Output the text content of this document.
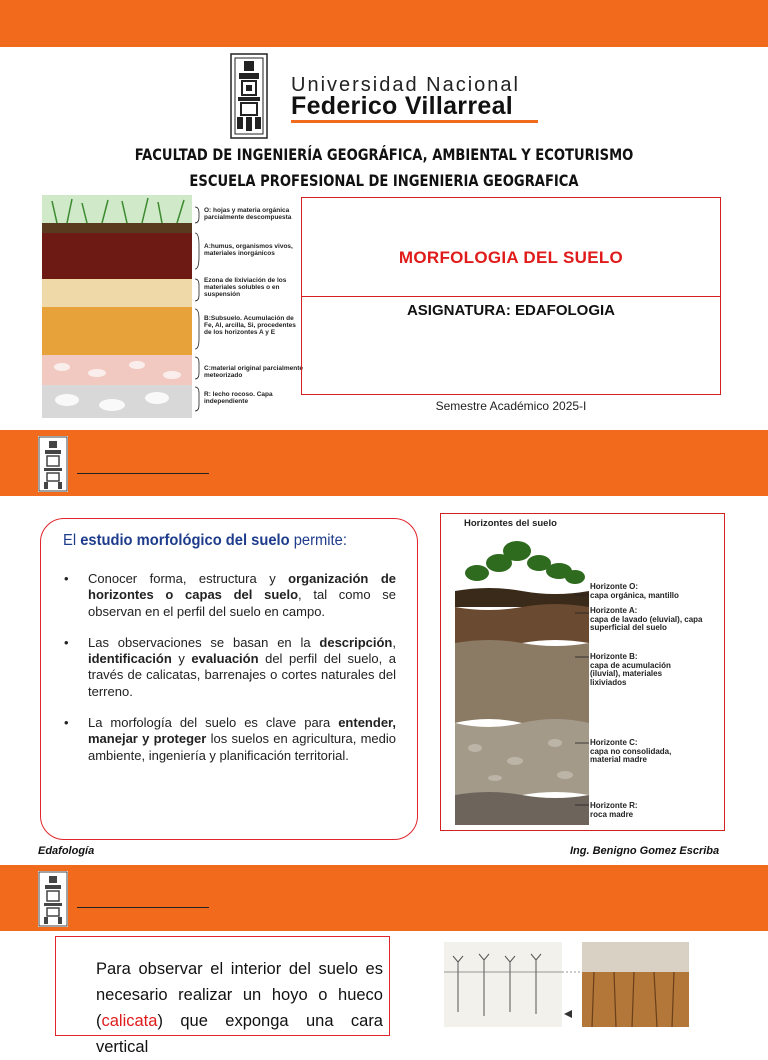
Universidad Nacional
Federico Villarreal
FACULTAD DE INGENIERÍA GEOGRÁFICA, AMBIENTAL Y ECOTURISMO
ESCUELA PROFESIONAL DE INGENIERIA GEOGRAFICA
O: hojas y materia orgánica parcialmente descompuesta
A:humus, organismos vivos, materiales inorgánicos
Ezona de lixiviación de los materiales solubles o en suspensión
B:Subsuelo. Acumulación de Fe, Al, arcilla, Si, procedentes de los horizontes A y E
C:material original parcialmente meteorizado
R: lecho rocoso. Capa independiente
MORFOLOGIA DEL SUELO
ASIGNATURA: EDAFOLOGIA
Semestre Académico 2025-I
El estudio morfológico del suelo permite:
• Conocer forma, estructura y organización de horizontes o capas del suelo, tal como se observan en el perfil del suelo en campo.
• Las observaciones se basan en la descripción, identificación y evaluación del perfil del suelo, a través de calicatas, barrenajes o cortes naturales del terreno.
• La morfología del suelo es clave para entender, manejar y proteger los suelos en agricultura, medio ambiente, ingeniería y planificación territorial.
Horizontes del suelo
Horizonte O:
capa orgánica, mantillo
Horizonte A:
capa de lavado (eluvial), capa superficial del suelo
Horizonte B:
capa de acumulación (iluvial), materiales lixiviados
Horizonte C:
capa no consolidada, material madre
Horizonte R:
roca madre
Edafología	Ing. Benigno Gomez Escriba
Para observar el interior del suelo es necesario realizar un hoyo o hueco (calicata) que exponga una cara vertical
